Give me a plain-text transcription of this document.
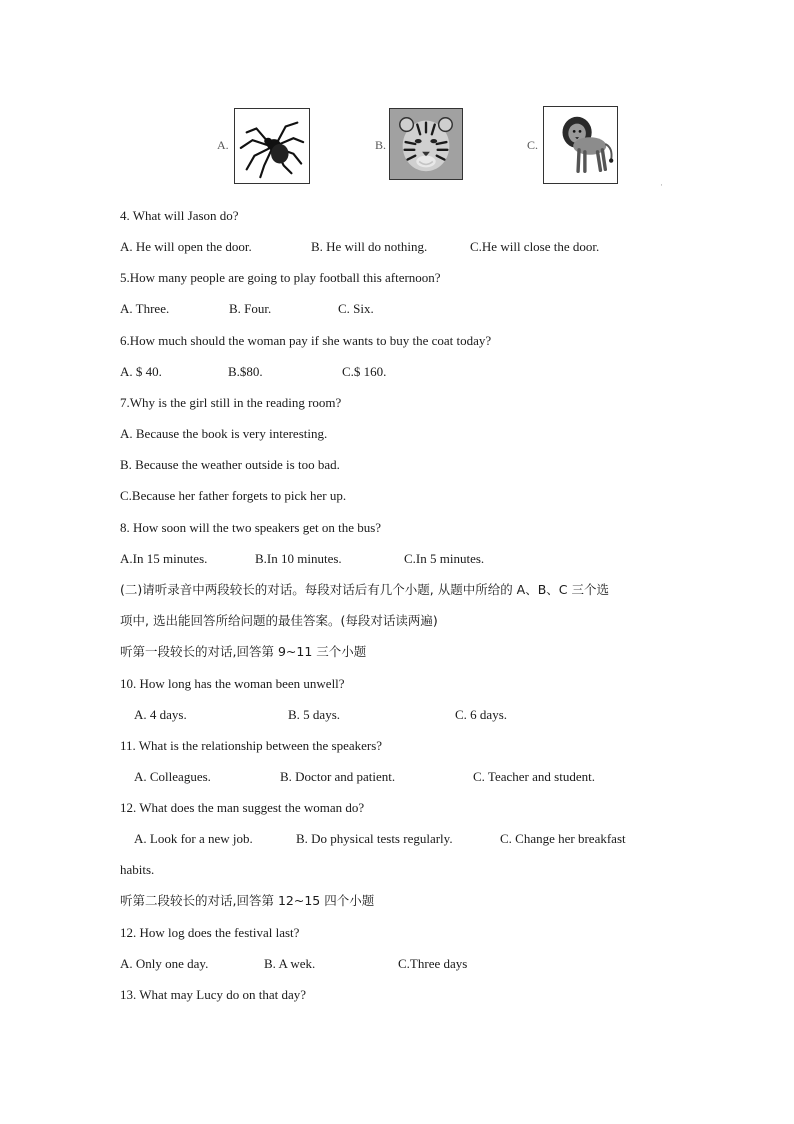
A.	B.	C.
·
4. What will Jason do?
A. He will open the door.	B. He will do nothing.	C.He will close the door.
5.How many people are going to play football this afternoon?
A. Three.	B. Four.	C. Six.
6.How much should the woman pay if she wants to buy the coat today?
A. $ 40.	B.$80.	C.$ 160.
7.Why is the girl still in the reading room?
A. Because the book is very interesting.
B. Because the weather outside is too bad.
C.Because her father forgets to pick her up.
8. How soon will the two speakers get on the bus?
A.In 15 minutes.	B.In 10 minutes.	C.In 5 minutes.
(二)请听录音中两段较长的对话。每段对话后有几个小题, 从题中所给的 A、B、C 三个选
项中, 选出能回答所给问题的最佳答案。(每段对话读两遍)
听第一段较长的对话,回答第 9~11 三个小题
10. How long has the woman been unwell?
A. 4 days.	B. 5 days.	C. 6 days.
11. What is the relationship between the speakers?
A. Colleagues.	B. Doctor and patient.	C. Teacher and student.
12. What does the man suggest the woman do?
A. Look for a new job.	B. Do physical tests regularly.	C. Change her breakfast
habits.
听第二段较长的对话,回答第 12~15 四个小题
12. How log does the festival last?
A. Only one day.	B. A wek.	C.Three days
13. What may Lucy do on that day?
